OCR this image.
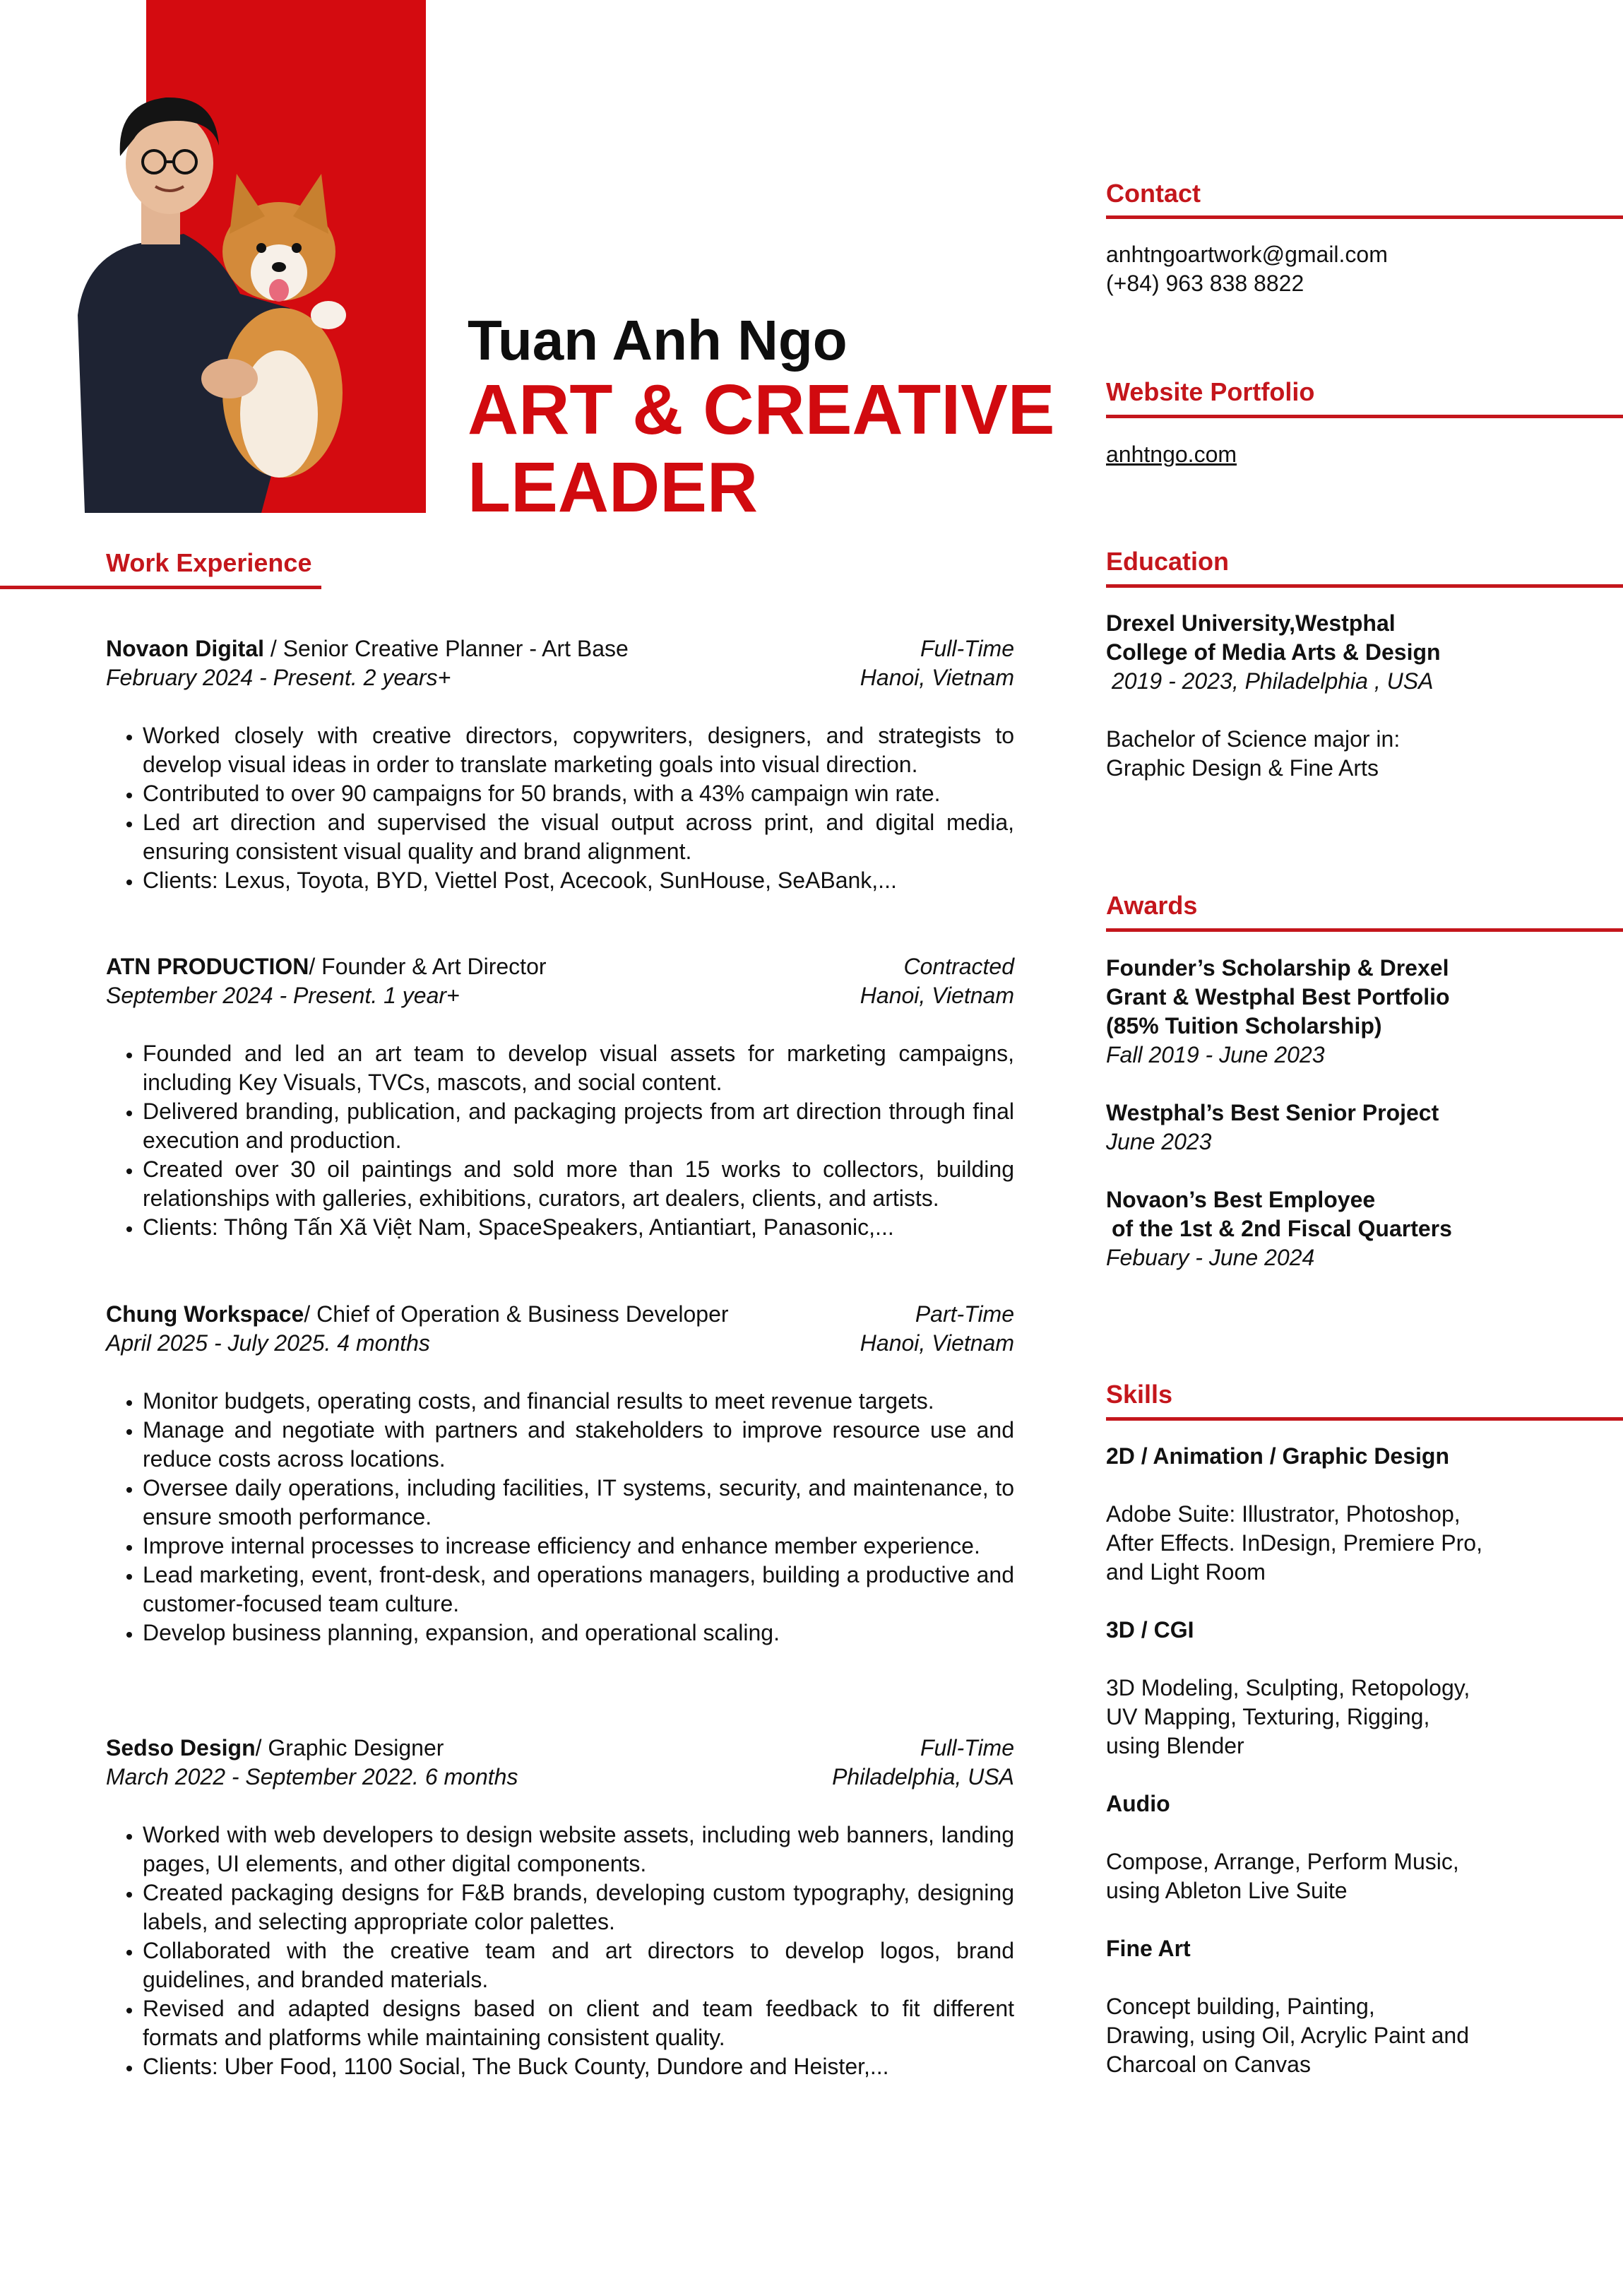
Tuan Anh Ngo
ART & CREATIVE
LEADER
Contact
anhtngoartwork@gmail.com
(+84) 963 838 8822
Website Portfolio
anhtngo.com
Education
Drexel University,Westphal
College of Media Arts & Design
2019 - 2023, Philadelphia , USA
Bachelor of Science major in:
Graphic Design & Fine Arts
Awards
Founder’s Scholarship & Drexel
Grant & Westphal Best Portfolio
(85% Tuition Scholarship)
Fall 2019 - June 2023
Westphal’s Best Senior Project
June 2023
Novaon’s Best Employee
of the 1st & 2nd Fiscal Quarters
Febuary - June 2024
Skills
2D / Animation / Graphic Design
Adobe Suite: Illustrator, Photoshop,
After Effects. InDesign, Premiere Pro,
and Light Room
3D / CGI
3D Modeling, Sculpting, Retopology,
UV Mapping, Texturing, Rigging,
using Blender
Audio
Compose, Arrange, Perform Music,
using Ableton Live Suite
Fine Art
Concept building, Painting,
Drawing, using Oil, Acrylic Paint and
Charcoal on Canvas
Work Experience
Novaon Digital / Senior Creative Planner - Art Base	Full-Time
February 2024 - Present. 2 years+	Hanoi, Vietnam
• Worked closely with creative directors, copywriters, designers, and strategists to develop visual ideas in order to translate marketing goals into visual direction.
• Contributed to over 90 campaigns for 50 brands, with a 43% campaign win rate.
• Led art direction and supervised the visual output across print, and digital media, ensuring consistent visual quality and brand alignment.
• Clients: Lexus, Toyota, BYD, Viettel Post, Acecook, SunHouse, SeABank,...
ATN PRODUCTION/ Founder & Art Director	Contracted
September 2024 - Present. 1 year+	Hanoi, Vietnam
• Founded and led an art team to develop visual assets for marketing campaigns, including Key Visuals, TVCs, mascots, and social content.
• Delivered branding, publication, and packaging projects from art direction through final execution and production.
• Created over 30 oil paintings and sold more than 15 works to collectors, building relationships with galleries, exhibitions, curators, art dealers, clients, and artists.
• Clients: Thông Tấn Xã Việt Nam, SpaceSpeakers, Antiantiart, Panasonic,...
Chung Workspace/ Chief of Operation & Business Developer	Part-Time
April 2025 - July 2025. 4 months	Hanoi, Vietnam
• Monitor budgets, operating costs, and financial results to meet revenue targets.
• Manage and negotiate with partners and stakeholders to improve resource use and reduce costs across locations.
• Oversee daily operations, including facilities, IT systems, security, and maintenance, to ensure smooth performance.
• Improve internal processes to increase efficiency and enhance member experience.
• Lead marketing, event, front-desk, and operations managers, building a productive and customer-focused team culture.
• Develop business planning, expansion, and operational scaling.
Sedso Design/ Graphic Designer	Full-Time
March 2022 - September 2022. 6 months	Philadelphia, USA
• Worked with web developers to design website assets, including web banners, landing pages, UI elements, and other digital components.
• Created packaging designs for F&B brands, developing custom typography, designing labels, and selecting appropriate color palettes.
• Collaborated with the creative team and art directors to develop logos, brand guidelines, and branded materials.
• Revised and adapted designs based on client and team feedback to fit different formats and platforms while maintaining consistent quality.
• Clients: Uber Food, 1100 Social, The Buck County, Dundore and Heister,...
